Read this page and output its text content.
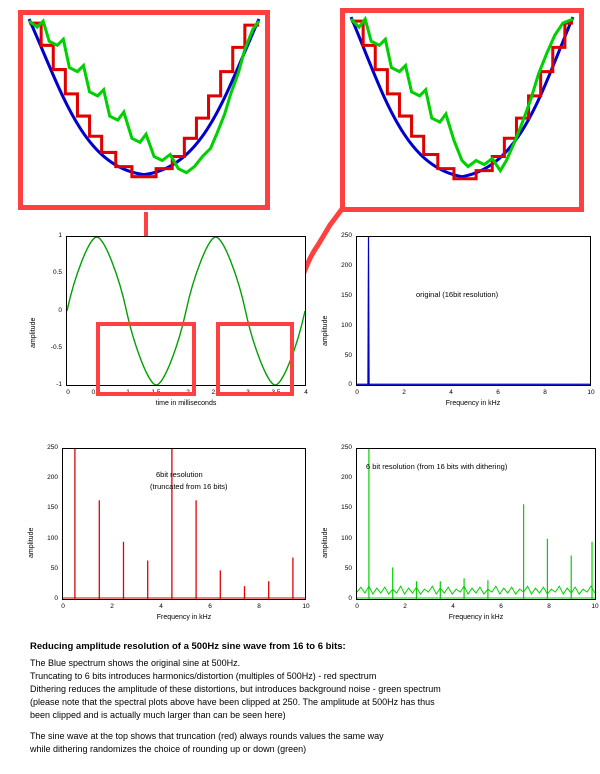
1
0.5
0
-0.5
-1
amplitude
0	0.5	1	1.5	2	2.5	3	3.5	4
time in milliseconds
250
200
150
100
50
0
amplitude
0	2	4	6	8	10
Frequency in kHz
original (16bit resolution)
250
200
150
100
50
0
amplitude
0	2	4	6	8	10
Frequency in kHz
6bit resolution
(truncated from 16 bits)
250
200
150
100
50
0
amplitude
0	2	4	6	8	10
Frequency in kHz
6 bit resolution (from 16 bits with dithering)
Reducing amplitude resolution of a 500Hz sine wave from 16 to 6 bits:
The Blue spectrum shows the original sine at 500Hz.
Truncating to 6 bits introduces harmonics/distortion (multiples of 500Hz) - red spectrum
Dithering reduces the amplitude of these distortions, but introduces background noise - green spectrum
(please note that the spectral plots above have been clipped at 250. The amplitude at 500Hz has thus
been clipped and is actually much larger than can be seen here)
The sine wave at the top shows that truncation (red) always rounds values the same way
while dithering randomizes the choice of rounding up or down (green)
